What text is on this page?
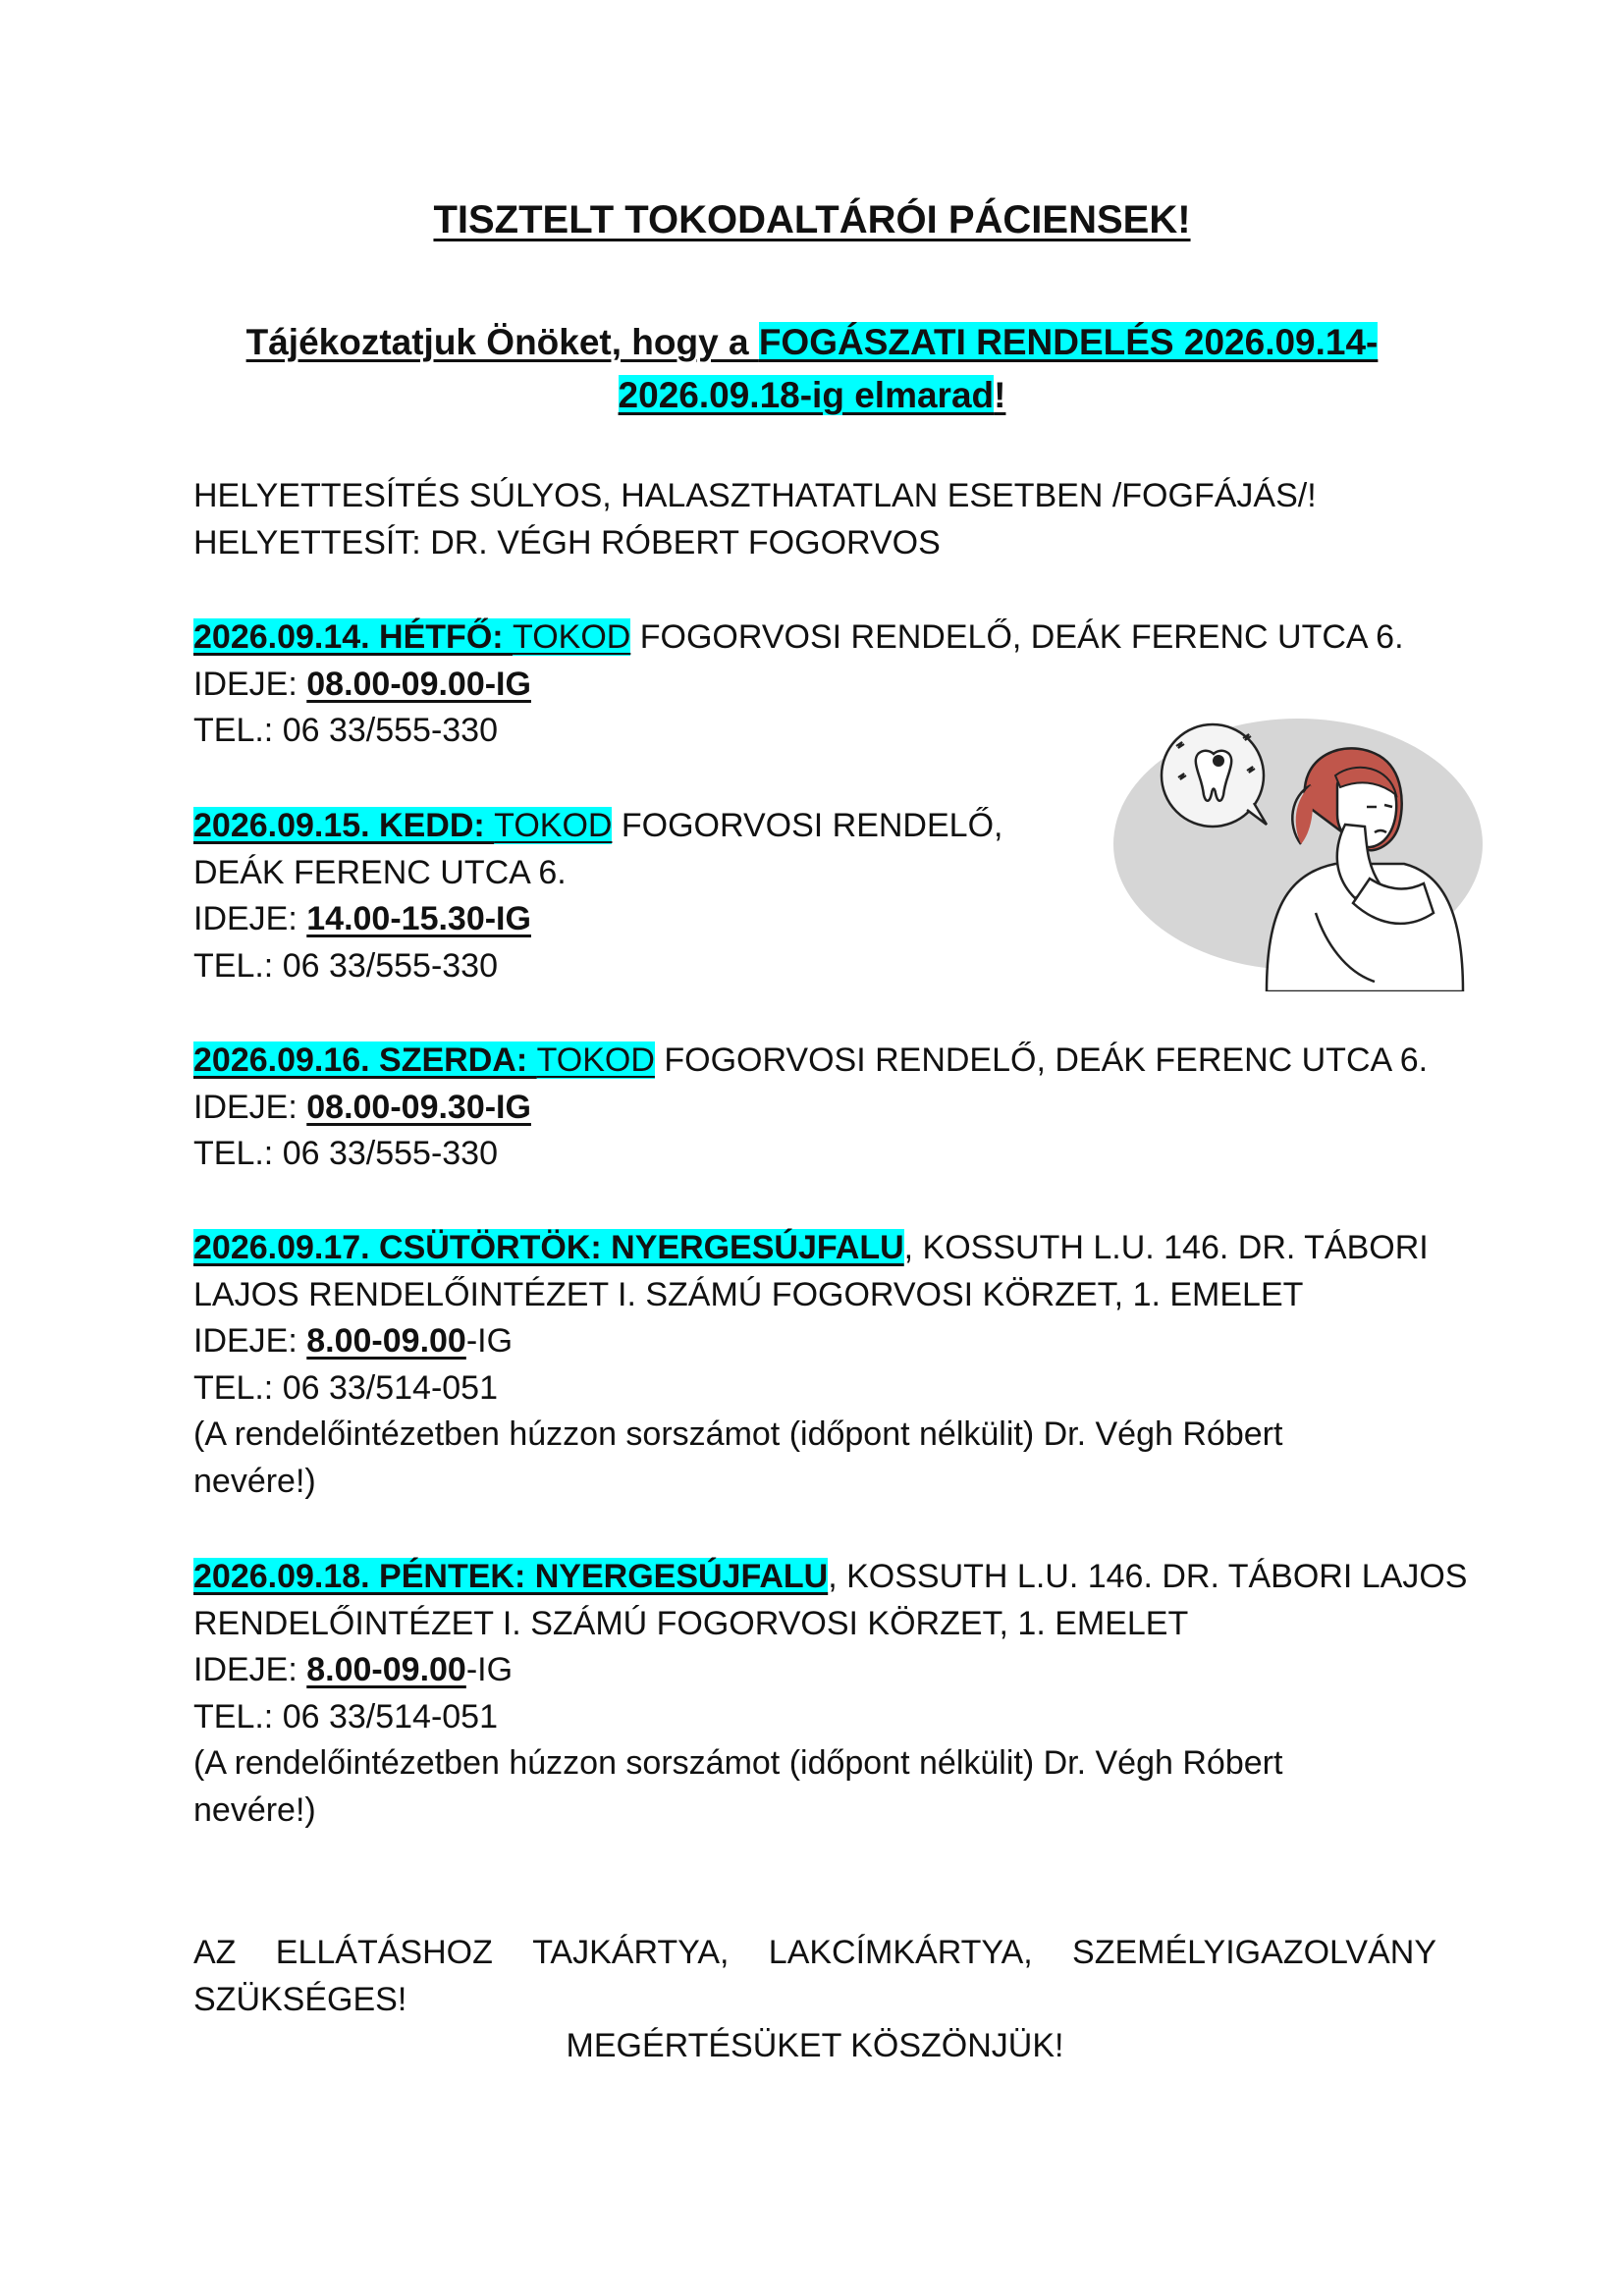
TISZTELT TOKODALTÁRÓI PÁCIENSEK!
Tájékoztatjuk Önöket, hogy a FOGÁSZATI RENDELÉS 2026.09.14-
2026.09.18-ig elmarad!
HELYETTESÍTÉS SÚLYOS, HALASZTHATATLAN ESETBEN /FOGFÁJÁS/!
HELYETTESÍT: DR. VÉGH RÓBERT FOGORVOS
2026.09.14. HÉTFŐ: TOKOD FOGORVOSI RENDELŐ, DEÁK FERENC UTCA 6.
IDEJE: 08.00-09.00-IG
TEL.: 06 33/555-330
2026.09.15. KEDD: TOKOD FOGORVOSI RENDELŐ,
DEÁK FERENC UTCA 6.
IDEJE: 14.00-15.30-IG
TEL.: 06 33/555-330
2026.09.16. SZERDA: TOKOD FOGORVOSI RENDELŐ, DEÁK FERENC UTCA 6.
IDEJE: 08.00-09.30-IG
TEL.: 06 33/555-330
2026.09.17. CSÜTÖRTÖK: NYERGESÚJFALU, KOSSUTH L.U. 146. DR. TÁBORI
LAJOS RENDELŐINTÉZET I. SZÁMÚ FOGORVOSI KÖRZET, 1. EMELET
IDEJE: 8.00-09.00-IG
TEL.: 06 33/514-051
(A rendelőintézetben húzzon sorszámot (időpont nélkülit) Dr. Végh Róbert
nevére!)
2026.09.18. PÉNTEK: NYERGESÚJFALU, KOSSUTH L.U. 146. DR. TÁBORI LAJOS
RENDELŐINTÉZET I. SZÁMÚ FOGORVOSI KÖRZET, 1. EMELET
IDEJE: 8.00-09.00-IG
TEL.: 06 33/514-051
(A rendelőintézetben húzzon sorszámot (időpont nélkülit) Dr. Végh Róbert
nevére!)
AZ ELLÁTÁSHOZ TAJKÁRTYA, LAKCÍMKÁRTYA, SZEMÉLYIGAZOLVÁNY
SZÜKSÉGES!
MEGÉRTÉSÜKET KÖSZÖNJÜK!
